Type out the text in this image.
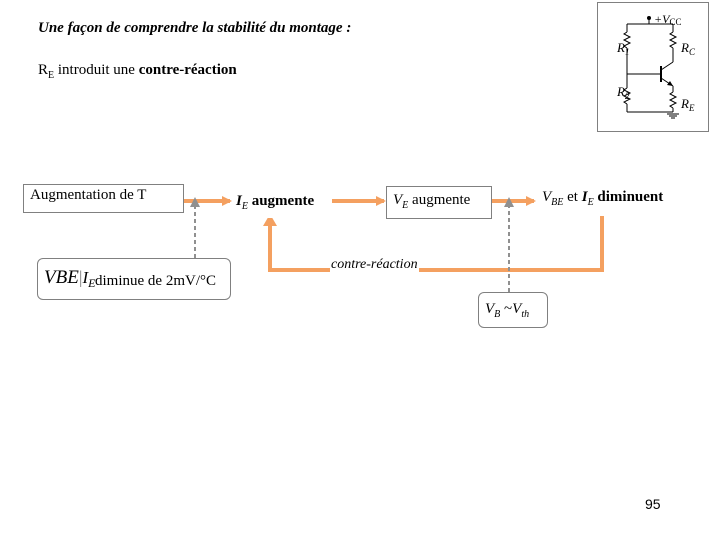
Une façon de comprendre la stabilité du montage :
$R_E$ introduit une contre-réaction
+VCC
$R_1$	$R_C$
$R_2$	$R_E$
Augmentation de T	$I_E$ augmente	$V_E$ augmente	$V_{BE}$ et $I_E$ diminuent
$VBE|I_E$ diminue de 2mV/°C
$V_B$ $\sim V_{th}$
contre-réaction
95
